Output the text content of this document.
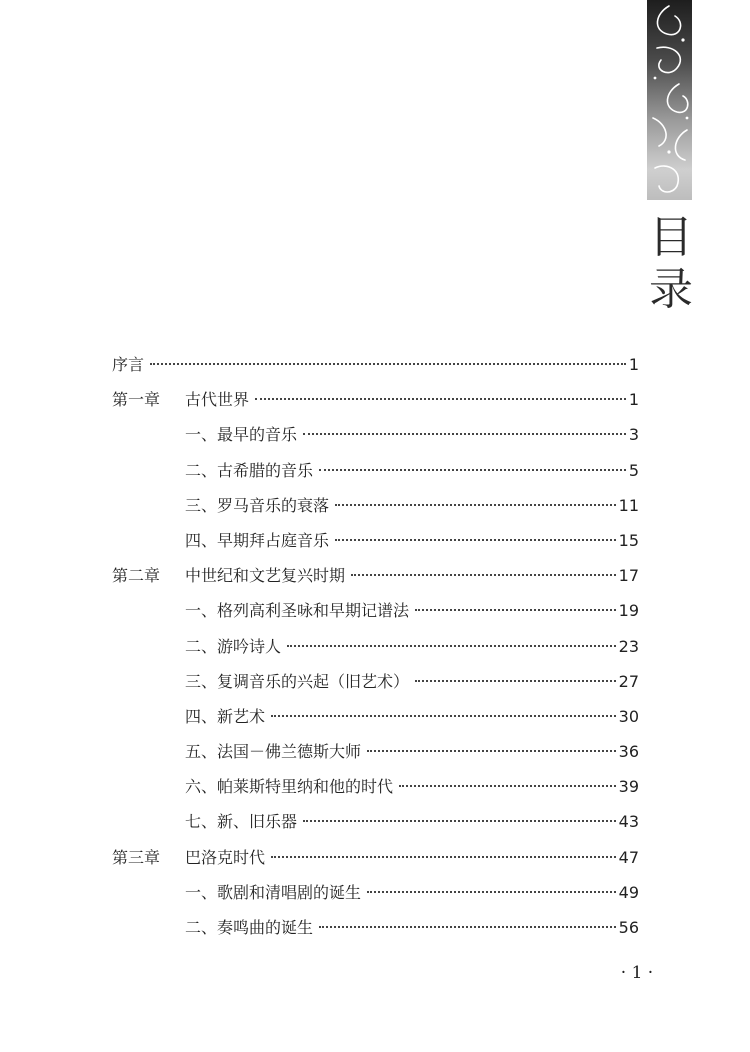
目
录
序言	1
第一章	古代世界	1
一、最早的音乐	3
二、古希腊的音乐	5
三、罗马音乐的衰落	11
四、早期拜占庭音乐	15
第二章	中世纪和文艺复兴时期	17
一、格列高利圣咏和早期记谱法	19
二、游吟诗人	23
三、复调音乐的兴起（旧艺术）	27
四、新艺术	30
五、法国－佛兰德斯大师	36
六、帕莱斯特里纳和他的时代	39
七、新、旧乐器	43
第三章	巴洛克时代	47
一、歌剧和清唱剧的诞生	49
二、奏鸣曲的诞生	56
· 1 ·
